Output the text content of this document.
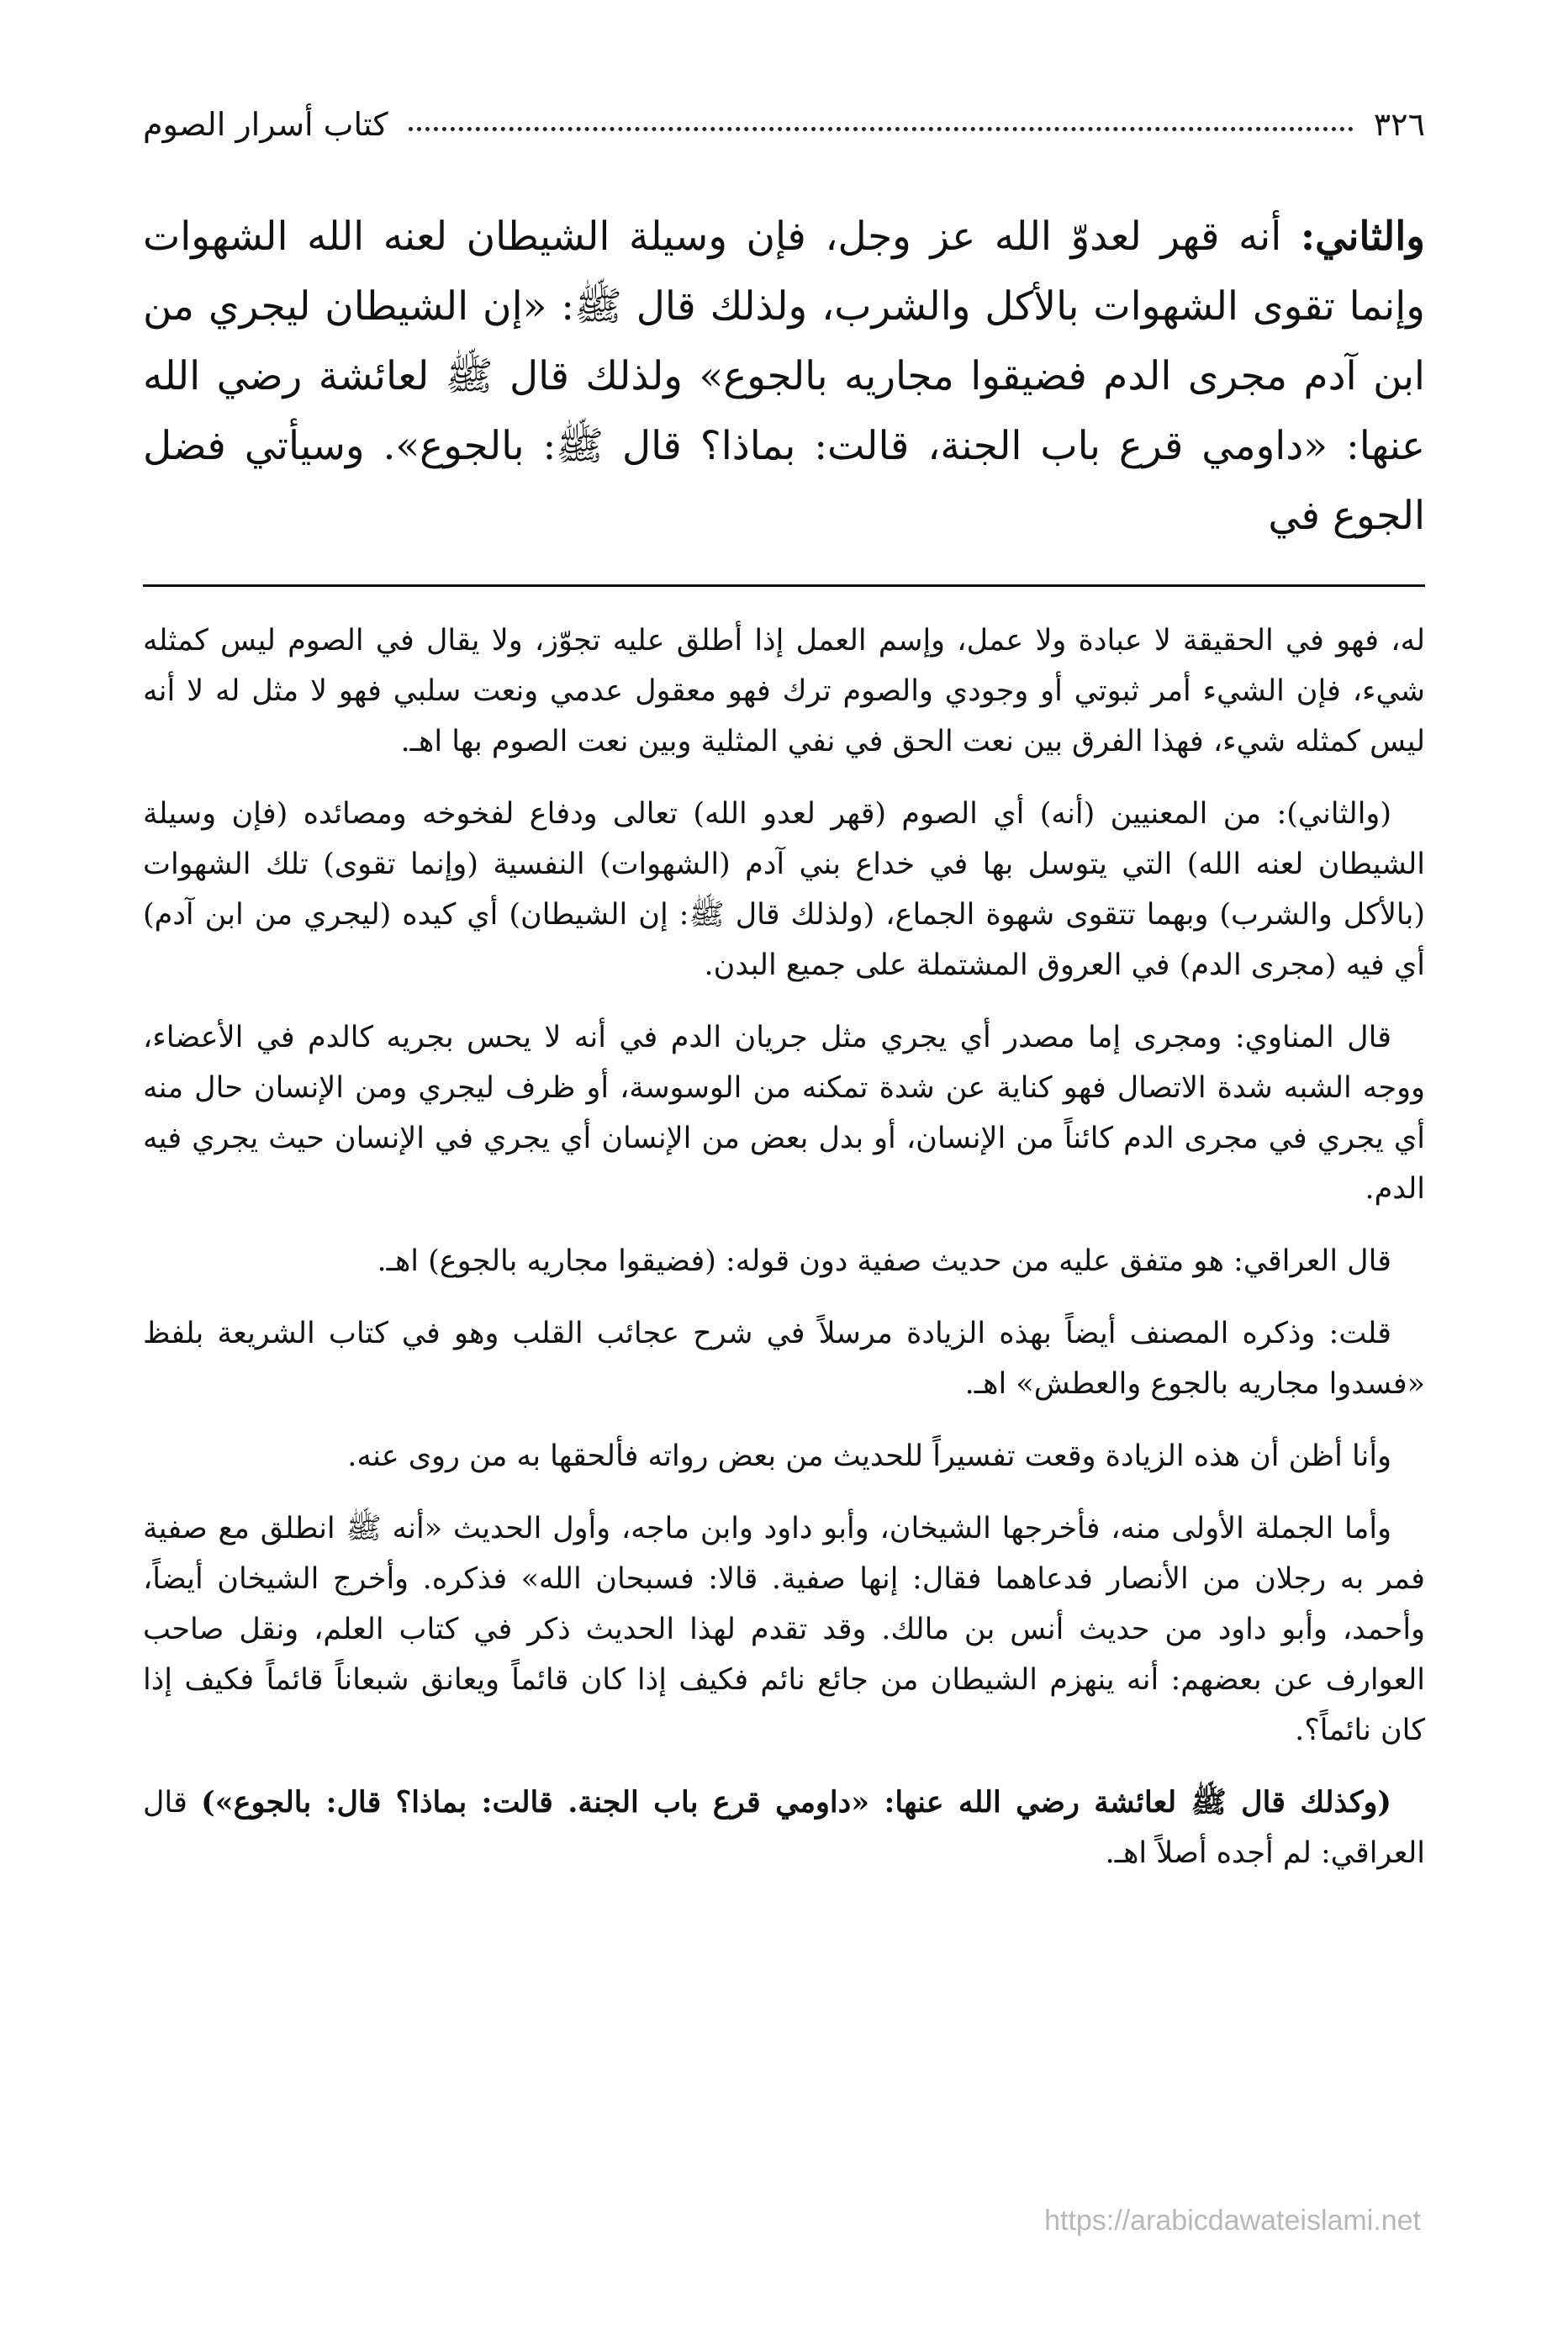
٣٢٦
كتاب أسرار الصوم
والثاني: أنه قهر لعدوّ الله عز وجل، فإن وسيلة الشيطان لعنه الله الشهوات وإنما تقوى الشهوات بالأكل والشرب، ولذلك قال ﷺ: «إن الشيطان ليجري من ابن آدم مجرى الدم فضيقوا مجاريه بالجوع» ولذلك قال ﷺ لعائشة رضي الله عنها: «داومي قرع باب الجنة، قالت: بماذا؟ قال ﷺ: بالجوع». وسيأتي فضل الجوع في

له، فهو في الحقيقة لا عبادة ولا عمل، وإسم العمل إذا أطلق عليه تجوّز، ولا يقال في الصوم ليس كمثله شيء، فإن الشيء أمر ثبوتي أو وجودي والصوم ترك فهو معقول عدمي ونعت سلبي فهو لا مثل له لا أنه ليس كمثله شيء، فهذا الفرق بين نعت الحق في نفي المثلية وبين نعت الصوم بها اهـ.

(والثاني): من المعنيين (أنه) أي الصوم (قهر لعدو الله) تعالى ودفاع لفخوخه ومصائده (فإن وسيلة الشيطان لعنه الله) التي يتوسل بها في خداع بني آدم (الشهوات) النفسية (وإنما تقوى) تلك الشهوات (بالأكل والشرب) وبهما تتقوى شهوة الجماع، (ولذلك قال ﷺ: إن الشيطان) أي كيده (ليجري من ابن آدم) أي فيه (مجرى الدم) في العروق المشتملة على جميع البدن.

قال المناوي: ومجرى إما مصدر أي يجري مثل جريان الدم في أنه لا يحس بجريه كالدم في الأعضاء، ووجه الشبه شدة الاتصال فهو كناية عن شدة تمكنه من الوسوسة، أو ظرف ليجري ومن الإنسان حال منه أي يجري في مجرى الدم كائناً من الإنسان، أو بدل بعض من الإنسان أي يجري في الإنسان حيث يجري فيه الدم.

قال العراقي: هو متفق عليه من حديث صفية دون قوله: (فضيقوا مجاريه بالجوع) اهـ.

قلت: وذكره المصنف أيضاً بهذه الزيادة مرسلاً في شرح عجائب القلب وهو في كتاب الشريعة بلفظ «فسدوا مجاريه بالجوع والعطش» اهـ.

وأنا أظن أن هذه الزيادة وقعت تفسيراً للحديث من بعض رواته فألحقها به من روى عنه.

وأما الجملة الأولى منه، فأخرجها الشيخان، وأبو داود وابن ماجه، وأول الحديث «أنه ﷺ انطلق مع صفية فمر به رجلان من الأنصار فدعاهما فقال: إنها صفية. قالا: فسبحان الله» فذكره. وأخرج الشيخان أيضاً، وأحمد، وأبو داود من حديث أنس بن مالك. وقد تقدم لهذا الحديث ذكر في كتاب العلم، ونقل صاحب العوارف عن بعضهم: أنه ينهزم الشيطان من جائع نائم فكيف إذا كان قائماً ويعانق شبعاناً قائماً فكيف إذا كان نائماً؟.

(وكذلك قال ﷺ لعائشة رضي الله عنها: «داومي قرع باب الجنة. قالت: بماذا؟ قال: بالجوع») قال العراقي: لم أجده أصلاً اهـ.

https://arabicdawateislami.net
